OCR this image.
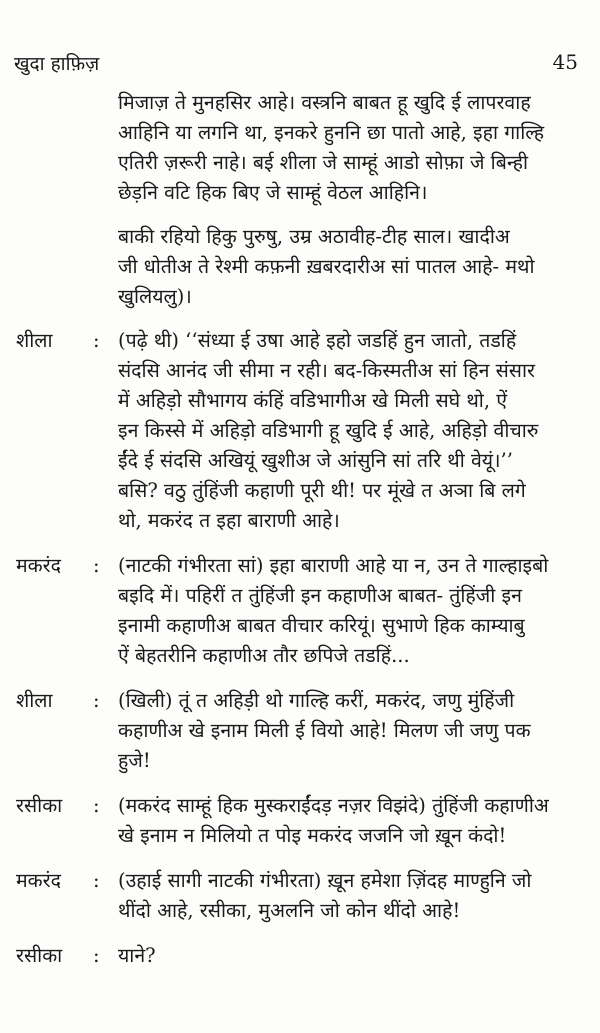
खुदा हाफ़िज़	45

मिजाज़ ते मुनहसिर आहे। वस्त्रनि बाबत हू खुदि ई लापरवाह
आहिनि या लगनि था, इनकरे हुननि छा पातो आहे, इहा गाल्हि
एतिरी ज़रूरी नाहे। बई शीला जे साम्हूं आडो सोफ़ा जे बिन्ही
छेड़नि वटि हिक बिए जे साम्हूं वेठल आहिनि।

बाकी रहियो हिकु पुरुषु, उम्र अठावीह-टीह साल। खादीअ
जी धोतीअ ते रेश्मी कफ़नी ख़बरदारीअ सां पातल आहे- मथो
खुलियलु)।

शीला	: (पढ़े थी) ‘‘संध्या ई उषा आहे इहो जडहिं हुन जातो, तडहिं
संदसि आनंद जी सीमा न रही। बद-किस्मतीअ सां हिन संसार
में अहिड़ो सौभागय कंहिं वडिभागीअ खे मिली सघे थो, ऐं
इन किस्से में अहिड़ो वडिभागी हू खुदि ई आहे, अहिड़ो वीचारु
ईंदे ई संदसि अखियूं खुशीअ जे आंसुनि सां तरि थी वेयूं।’’
बसि? वठु तुंहिंजी कहाणी पूरी थी! पर मूंखे त अञा बि लगे
थो, मकरंद त इहा बाराणी आहे।
मकरंद	: (नाटकी गंभीरता सां) इहा बाराणी आहे या न, उन ते गाल्हाइबो
बइदि में। पहिरीं त तुंहिंजी इन कहाणीअ बाबत- तुंहिंजी इन
इनामी कहाणीअ बाबत वीचार करियूं। सुभाणे हिक काम्याबु
ऐं बेहतरीनि कहाणीअ तौर छपिजे तडहिं...
शीला	: (खिली) तूं त अहिड़ी थो गाल्हि करीं, मकरंद, जणु मुंहिंजी
कहाणीअ खे इनाम मिली ई वियो आहे! मिलण जी जणु पक
हुजे!
रसीका	: (मकरंद साम्हूं हिक मुस्कराईंदड़ नज़र विझंदे) तुंहिंजी कहाणीअ
खे इनाम न मिलियो त पोइ मकरंद जजनि जो ख़ून कंदो!
मकरंद	: (उहाई सागी नाटकी गंभीरता) ख़ून हमेशा ज़िंदह माण्हुनि जो
थींदो आहे, रसीका, मुअलनि जो कोन थींदो आहे!
रसीका	: याने?
